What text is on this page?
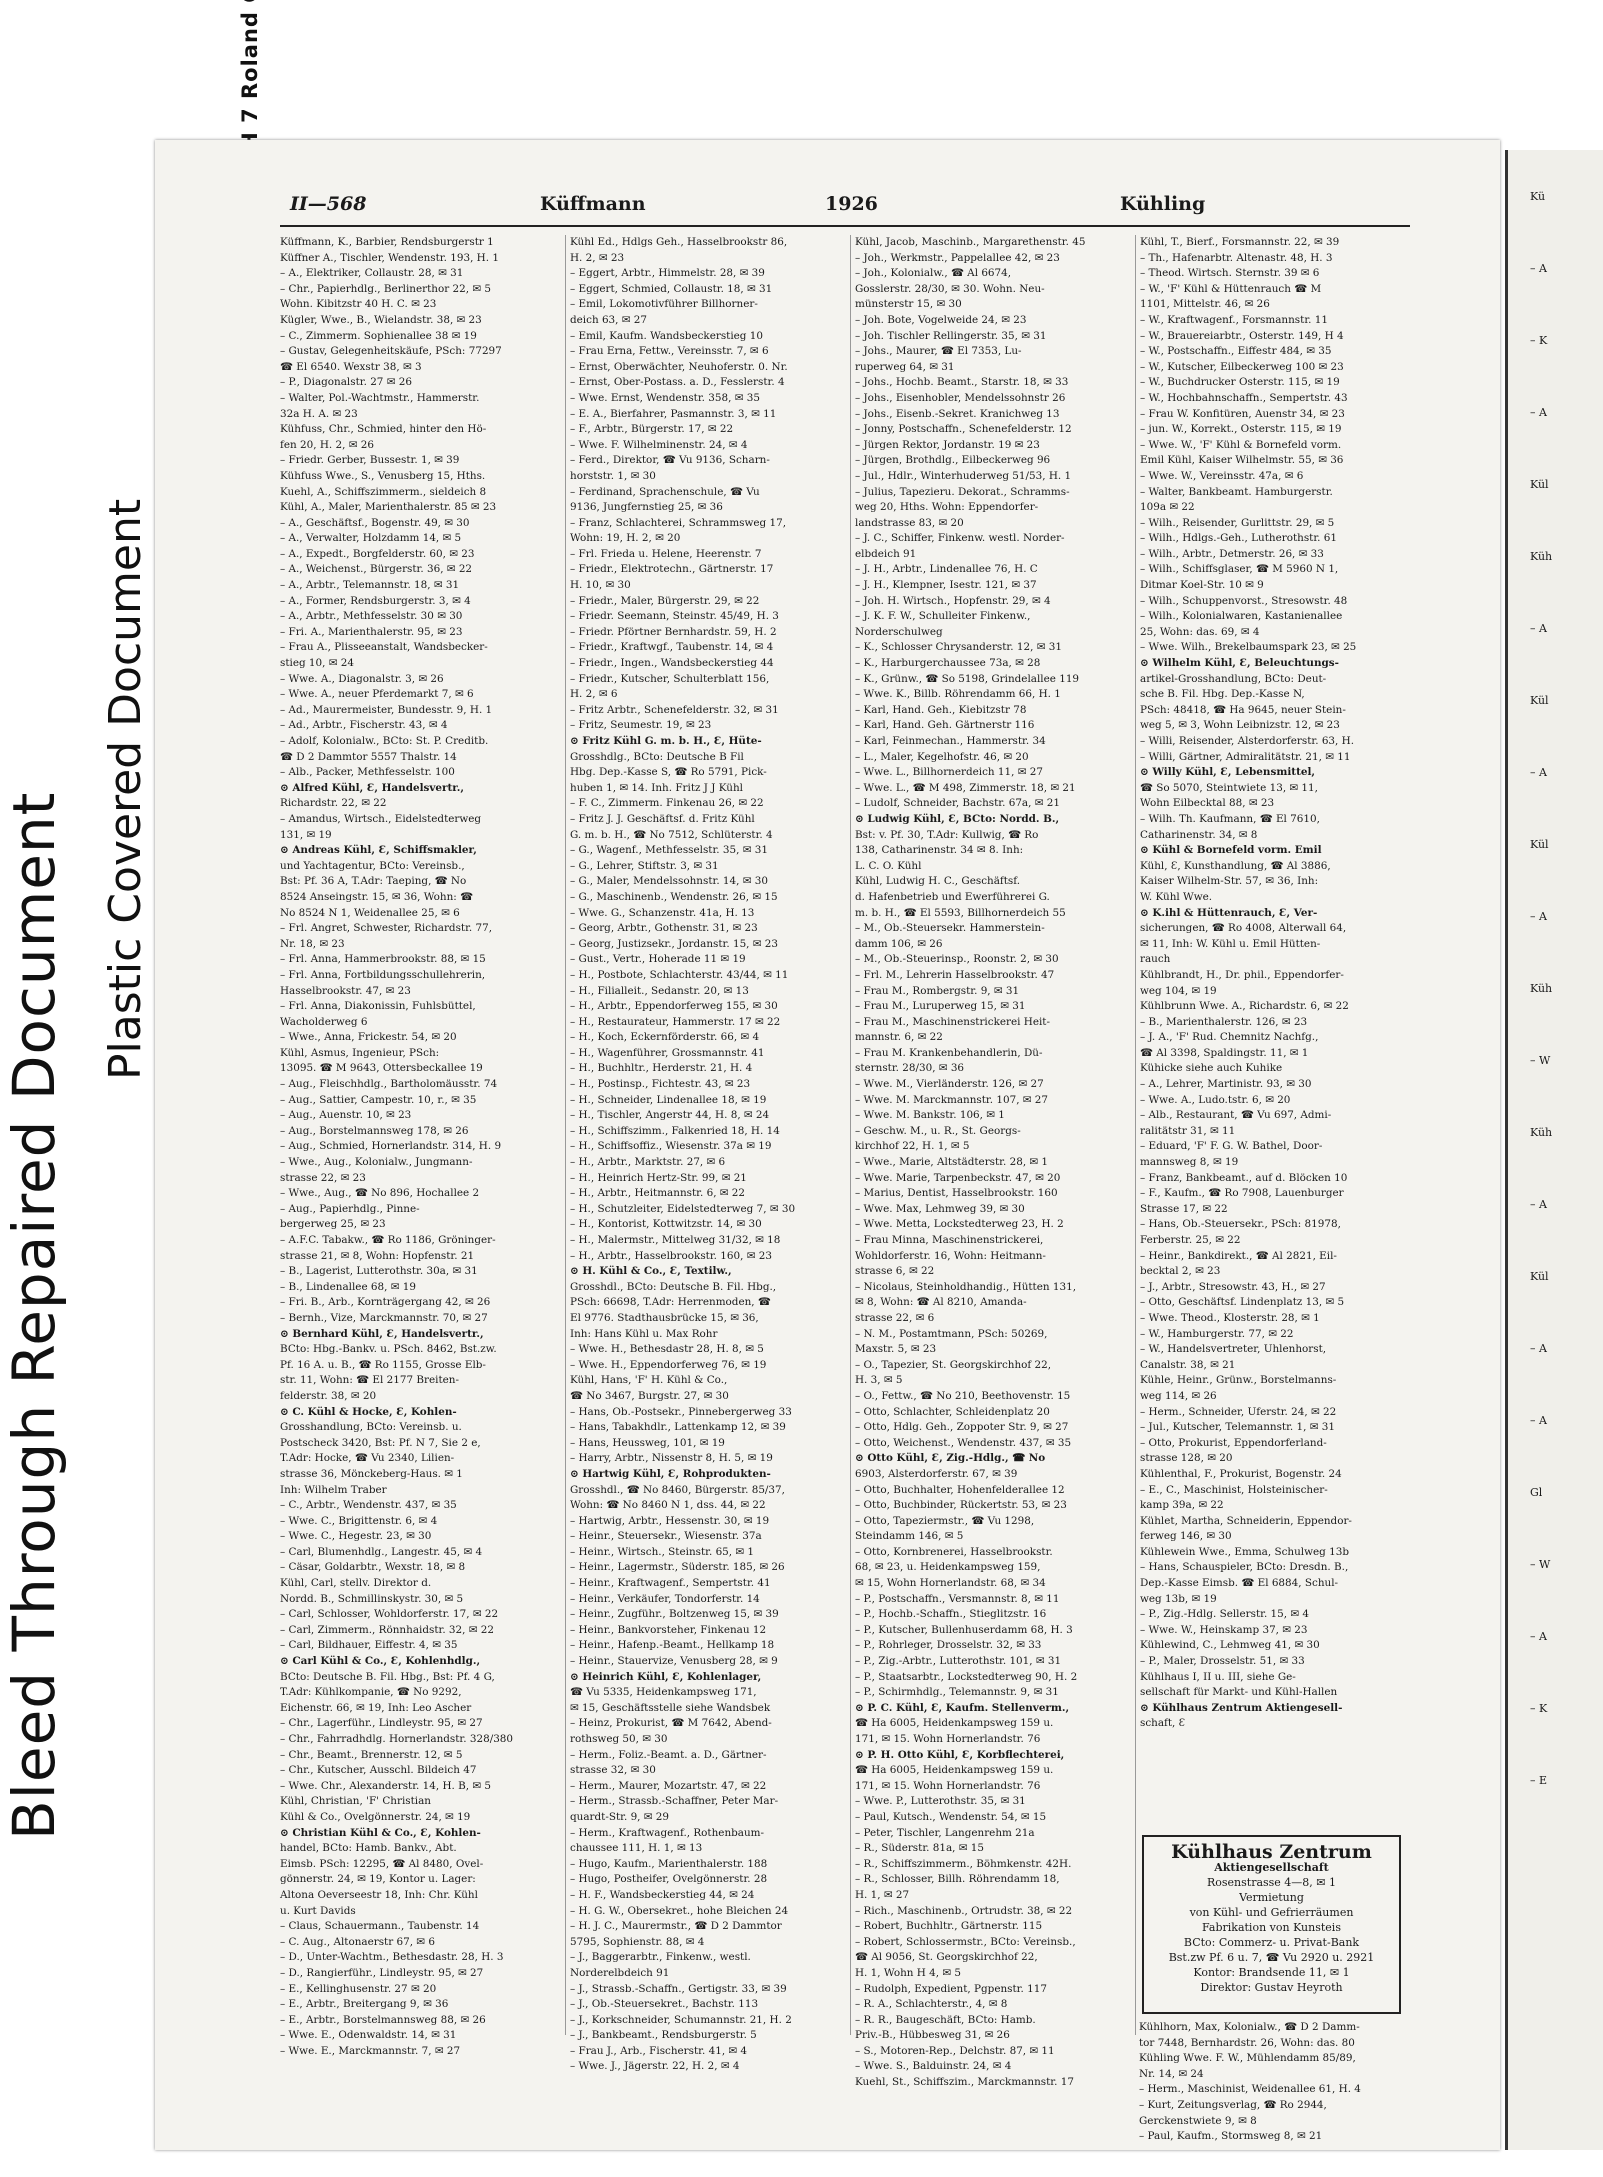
Bleed Through Repaired Document
Plastic Covered Document
II—568	Küffmann	1926	Kühling
Küffmann, K., Barbier, Rendsburgerstr 1
Küffner A., Tischler, Wendenstr. 193, H. 1
– A., Elektriker, Collaustr. 28, ✉ 31
– Chr., Papierhdlg., Berlinerthor 22, ✉ 5
Wohn. Kibitzstr 40 H. C. ✉ 23
Kügler, Wwe., B., Wielandstr. 38, ✉ 23
– C., Zimmerm. Sophienallee 38 ✉ 19
– Gustav, Gelegenheitskäufe, PSch: 77297
☎ El 6540. Wexstr 38, ✉ 3
– P., Diagonalstr. 27 ✉ 26
– Walter, Pol.-Wachtmstr., Hammerstr.
32a H. A. ✉ 23
Kühfuss, Chr., Schmied, hinter den Hö-
fen 20, H. 2, ✉ 26
– Friedr. Gerber, Bussestr. 1, ✉ 39
Kühfuss Wwe., S., Venusberg 15, Hths.
Kuehl, A., Schiffszimmerm., sieldeich 8
Kühl, A., Maler, Marienthalerstr. 85 ✉ 23
– A., Geschäftsf., Bogenstr. 49, ✉ 30
– A., Verwalter, Holzdamm 14, ✉ 5
– A., Expedt., Borgfelderstr. 60, ✉ 23
– A., Weichenst., Bürgerstr. 36, ✉ 22
– A., Arbtr., Telemannstr. 18, ✉ 31
– A., Former, Rendsburgerstr. 3, ✉ 4
– A., Arbtr., Methfesselstr. 30 ✉ 30
– Fri. A., Marienthalerstr. 95, ✉ 23
– Frau A., Plisseeanstalt, Wandsbecker-
stieg 10, ✉ 24
– Wwe. A., Diagonalstr. 3, ✉ 26
– Wwe. A., neuer Pferdemarkt 7, ✉ 6
– Ad., Maurermeister, Bundesstr. 9, H. 1
– Ad., Arbtr., Fischerstr. 43, ✉ 4
– Adolf, Kolonialw., BCto: St. P. Creditb.
☎ D 2 Dammtor 5557 Thalstr. 14
– Alb., Packer, Methfesselstr. 100
⊙ Alfred Kühl, Ɛ, Handelsvertr.,
Richardstr. 22, ✉ 22
– Amandus, Wirtsch., Eidelstedterweg
131, ✉ 19
⊙ Andreas Kühl, Ɛ, Schiffsmakler,
und Yachtagentur, BCto: Vereinsb.,
Bst: Pf. 36 A, T.Adr: Taeping, ☎ No
8524 Anseingstr. 15, ✉ 36, Wohn: ☎
No 8524 N 1, Weidenallee 25, ✉ 6
– Frl. Angret, Schwester, Richardstr. 77,
Nr. 18, ✉ 23
– Frl. Anna, Hammerbrookstr. 88, ✉ 15
– Frl. Anna, Fortbildungsschullehrerin,
Hasselbrookstr. 47, ✉ 23
– Frl. Anna, Diakonissin, Fuhlsbüttel,
Wacholderweg 6
– Wwe., Anna, Frickestr. 54, ✉ 20
Kühl, Asmus, Ingenieur, PSch:
13095. ☎ M 9643, Ottersbeckallee 19
– Aug., Fleischhdlg., Bartholomäusstr. 74
– Aug., Sattier, Campestr. 10, r., ✉ 35
– Aug., Auenstr. 10, ✉ 23
– Aug., Borstelmannsweg 178, ✉ 26
– Aug., Schmied, Hornerlandstr. 314, H. 9
– Wwe., Aug., Kolonialw., Jungmann-
strasse 22, ✉ 23
– Wwe., Aug., ☎ No 896, Hochallee 2
– Aug., Papierhdlg., Pinne-
bergerweg 25, ✉ 23
– A.F.C. Tabakw., ☎ Ro 1186, Gröninger-
strasse 21, ✉ 8, Wohn: Hopfenstr. 21
– B., Lagerist, Lutterothstr. 30a, ✉ 31
– B., Lindenallee 68, ✉ 19
– Fri. B., Arb., Kornträgergang 42, ✉ 26
– Bernh., Vize, Marckmannstr. 70, ✉ 27
⊙ Bernhard Kühl, Ɛ, Handelsvertr.,
BCto: Hbg.-Bankv. u. PSch. 8462, Bst.zw.
Pf. 16 A. u. B., ☎ Ro 1155, Grosse Elb-
str. 11, Wohn: ☎ El 2177 Breiten-
felderstr. 38, ✉ 20
⊙ C. Kühl & Hocke, Ɛ, Kohlen-
Grosshandlung, BCto: Vereinsb. u.
Postscheck 3420, Bst: Pf. N 7, Sie 2 e,
T.Adr: Hocke, ☎ Vu 2340, Lilien-
strasse 36, Mönckeberg-Haus. ✉ 1
Inh: Wilhelm Traber
– C., Arbtr., Wendenstr. 437, ✉ 35
– Wwe. C., Brigittenstr. 6, ✉ 4
– Wwe. C., Hegestr. 23, ✉ 30
– Carl, Blumenhdlg., Langestr. 45, ✉ 4
– Cäsar, Goldarbtr., Wexstr. 18, ✉ 8
Kühl, Carl, stellv. Direktor d.
Nordd. B., Schmillinskystr. 30, ✉ 5
– Carl, Schlosser, Wohldorferstr. 17, ✉ 22
– Carl, Zimmerm., Rönnhaidstr. 32, ✉ 22
– Carl, Bildhauer, Eiffestr. 4, ✉ 35
⊙ Carl Kühl & Co., Ɛ, Kohlenhdlg.,
BCto: Deutsche B. Fil. Hbg., Bst: Pf. 4 G,
T.Adr: Kühlkompanie, ☎ No 9292,
Eichenstr. 66, ✉ 19, Inh: Leo Ascher
– Chr., Lagerführ., Lindleystr. 95, ✉ 27
– Chr., Fahrradhdlg. Hornerlandstr. 328/380
– Chr., Beamt., Brennerstr. 12, ✉ 5
– Chr., Kutscher, Ausschl. Bildeich 47
– Wwe. Chr., Alexanderstr. 14, H. B, ✉ 5
Kühl, Christian, 'F' Christian
Kühl & Co., Ovelgönnerstr. 24, ✉ 19
⊙ Christian Kühl & Co., Ɛ, Kohlen-
handel, BCto: Hamb. Bankv., Abt.
Eimsb. PSch: 12295, ☎ Al 8480, Ovel-
gönnerstr. 24, ✉ 19, Kontor u. Lager:
Altona Oeverseestr 18, Inh: Chr. Kühl
u. Kurt Davids
– Claus, Schauermann., Taubenstr. 14
– C. Aug., Altonaerstr 67, ✉ 6
– D., Unter-Wachtm., Bethesdastr. 28, H. 3
– D., Rangierführ., Lindleystr. 95, ✉ 27
– E., Kellinghusenstr. 27 ✉ 20
– E., Arbtr., Breitergang 9, ✉ 36
– E., Arbtr., Borstelmannsweg 88, ✉ 26
– Wwe. E., Odenwaldstr. 14, ✉ 31
– Wwe. E., Marckmannstr. 7, ✉ 27
Kühl Ed., Hdlgs Geh., Hasselbrookstr 86,
H. 2, ✉ 23
– Eggert, Arbtr., Himmelstr. 28, ✉ 39
– Eggert, Schmied, Collaustr. 18, ✉ 31
– Emil, Lokomotivführer Billhorner-
deich 63, ✉ 27
– Emil, Kaufm. Wandsbeckerstieg 10
– Frau Erna, Fettw., Vereinsstr. 7, ✉ 6
– Ernst, Oberwächter, Neuhoferstr. 0. Nr.
– Ernst, Ober-Postass. a. D., Fesslerstr. 4
– Wwe. Ernst, Wendenstr. 358, ✉ 35
– E. A., Bierfahrer, Pasmannstr. 3, ✉ 11
– F., Arbtr., Bürgerstr. 17, ✉ 22
– Wwe. F. Wilhelminenstr. 24, ✉ 4
– Ferd., Direktor, ☎ Vu 9136, Scharn-
horststr. 1, ✉ 30
– Ferdinand, Sprachenschule, ☎ Vu
9136, Jungfernstieg 25, ✉ 36
– Franz, Schlachterei, Schrammsweg 17,
Wohn: 19, H. 2, ✉ 20
– Frl. Frieda u. Helene, Heerenstr. 7
– Friedr., Elektrotechn., Gärtnerstr. 17
H. 10, ✉ 30
– Friedr., Maler, Bürgerstr. 29, ✉ 22
– Friedr. Seemann, Steinstr. 45/49, H. 3
– Friedr. Pförtner Bernhardstr. 59, H. 2
– Friedr., Kraftwgf., Taubenstr. 14, ✉ 4
– Friedr., Ingen., Wandsbeckerstieg 44
– Friedr., Kutscher, Schulterblatt 156,
H. 2, ✉ 6
– Fritz Arbtr., Schenefelderstr. 32, ✉ 31
– Fritz, Seumestr. 19, ✉ 23
⊙ Fritz Kühl G. m. b. H., Ɛ, Hüte-
Grosshdlg., BCto: Deutsche B Fil
Hbg. Dep.-Kasse S, ☎ Ro 5791, Pick-
huben 1, ✉ 14. Inh. Fritz J J Kühl
– F. C., Zimmerm. Finkenau 26, ✉ 22
– Fritz J. J. Geschäftsf. d. Fritz Kühl
G. m. b. H., ☎ No 7512, Schlüterstr. 4
– G., Wagenf., Methfesselstr. 35, ✉ 31
– G., Lehrer, Stiftstr. 3, ✉ 31
– G., Maler, Mendelssohnstr. 14, ✉ 30
– G., Maschinenb., Wendenstr. 26, ✉ 15
– Wwe. G., Schanzenstr. 41a, H. 13
– Georg, Arbtr., Gothenstr. 31, ✉ 23
– Georg, Justizsekr., Jordanstr. 15, ✉ 23
– Gust., Vertr., Hoherade 11 ✉ 19
– H., Postbote, Schlachterstr. 43/44, ✉ 11
– H., Filialleit., Sedanstr. 20, ✉ 13
– H., Arbtr., Eppendorferweg 155, ✉ 30
– H., Restaurateur, Hammerstr. 17 ✉ 22
– H., Koch, Eckernförderstr. 66, ✉ 4
– H., Wagenführer, Grossmannstr. 41
– H., Buchhltr., Herderstr. 21, H. 4
– H., Postinsp., Fichtestr. 43, ✉ 23
– H., Schneider, Lindenallee 18, ✉ 19
– H., Tischler, Angerstr 44, H. 8, ✉ 24
– H., Schiffszimm., Falkenried 18, H. 14
– H., Schiffsoffiz., Wiesenstr. 37a ✉ 19
– H., Arbtr., Marktstr. 27, ✉ 6
– H., Heinrich Hertz-Str. 99, ✉ 21
– H., Arbtr., Heitmannstr. 6, ✉ 22
– H., Schutzleiter, Eidelstedterweg 7, ✉ 30
– H., Kontorist, Kottwitzstr. 14, ✉ 30
– H., Malermstr., Mittelweg 31/32, ✉ 18
– H., Arbtr., Hasselbrookstr. 160, ✉ 23
⊙ H. Kühl & Co., Ɛ, Textilw.,
Grosshdl., BCto: Deutsche B. Fil. Hbg.,
PSch: 66698, T.Adr: Herrenmoden, ☎
El 9776. Stadthausbrücke 15, ✉ 36,
Inh: Hans Kühl u. Max Rohr
– Wwe. H., Bethesdastr 28, H. 8, ✉ 5
– Wwe. H., Eppendorferweg 76, ✉ 19
Kühl, Hans, 'F' H. Kühl & Co.,
☎ No 3467, Burgstr. 27, ✉ 30
– Hans, Ob.-Postsekr., Pinnebergerweg 33
– Hans, Tabakhdlr., Lattenkamp 12, ✉ 39
– Hans, Heussweg, 101, ✉ 19
– Harry, Arbtr., Nissenstr 8, H. 5, ✉ 19
⊙ Hartwig Kühl, Ɛ, Rohprodukten-
Grosshdl., ☎ No 8460, Bürgerstr. 85/37,
Wohn: ☎ No 8460 N 1, dss. 44, ✉ 22
– Hartwig, Arbtr., Hessenstr. 30, ✉ 19
– Heinr., Steuersekr., Wiesenstr. 37a
– Heinr., Wirtsch., Steinstr. 65, ✉ 1
– Heinr., Lagermstr., Süderstr. 185, ✉ 26
– Heinr., Kraftwagenf., Sempertstr. 41
– Heinr., Verkäufer, Tondorferstr. 14
– Heinr., Zugführ., Boltzenweg 15, ✉ 39
– Heinr., Bankvorsteher, Finkenau 12
– Heinr., Hafenp.-Beamt., Hellkamp 18
– Heinr., Stauervize, Venusberg 28, ✉ 9
⊙ Heinrich Kühl, Ɛ, Kohlenlager,
☎ Vu 5335, Heidenkampsweg 171,
✉ 15, Geschäftsstelle siehe Wandsbek
– Heinz, Prokurist, ☎ M 7642, Abend-
rothsweg 50, ✉ 30
– Herm., Foliz.-Beamt. a. D., Gärtner-
strasse 32, ✉ 30
– Herm., Maurer, Mozartstr. 47, ✉ 22
– Herm., Strassb.-Schaffner, Peter Mar-
quardt-Str. 9, ✉ 29
– Herm., Kraftwagenf., Rothenbaum-
chaussee 111, H. 1, ✉ 13
– Hugo, Kaufm., Marienthalerstr. 188
– Hugo, Postheifer, Ovelgönnerstr. 28
– H. F., Wandsbeckerstieg 44, ✉ 24
– H. G. W., Obersekret., hohe Bleichen 24
– H. J. C., Maurermstr., ☎ D 2 Dammtor
5795, Sophienstr. 88, ✉ 4
– J., Baggerarbtr., Finkenw., westl.
Norderelbdeich 91
– J., Strassb.-Schaffn., Gertigstr. 33, ✉ 39
– J., Ob.-Steuersekret., Bachstr. 113
– J., Korkschneider, Schumannstr. 21, H. 2
– J., Bankbeamt., Rendsburgerstr. 5
– Frau J., Arb., Fischerstr. 41, ✉ 4
– Wwe. J., Jägerstr. 22, H. 2, ✉ 4
Kühl, Jacob, Maschinb., Margarethenstr. 45
– Joh., Werkmstr., Pappelallee 42, ✉ 23
– Joh., Kolonialw., ☎ Al 6674,
Gosslerstr. 28/30, ✉ 30. Wohn. Neu-
münsterstr 15, ✉ 30
– Joh. Bote, Vogelweide 24, ✉ 23
– Joh. Tischler Rellingerstr. 35, ✉ 31
– Johs., Maurer, ☎ El 7353, Lu-
ruperweg 64, ✉ 31
– Johs., Hochb. Beamt., Starstr. 18, ✉ 33
– Johs., Eisenhobler, Mendelssohnstr 26
– Johs., Eisenb.-Sekret. Kranichweg 13
– Jonny, Postschaffn., Schenefelderstr. 12
– Jürgen Rektor, Jordanstr. 19 ✉ 23
– Jürgen, Brothdlg., Eilbeckerweg 96
– Jul., Hdlr., Winterhuderweg 51/53, H. 1
– Julius, Tapezieru. Dekorat., Schramms-
weg 20, Hths. Wohn: Eppendorfer-
landstrasse 83, ✉ 20
– J. C., Schiffer, Finkenw. westl. Norder-
elbdeich 91
– J. H., Arbtr., Lindenallee 76, H. C
– J. H., Klempner, Isestr. 121, ✉ 37
– Joh. H. Wirtsch., Hopfenstr. 29, ✉ 4
– J. K. F. W., Schulleiter Finkenw.,
Norderschulweg
– K., Schlosser Chrysanderstr. 12, ✉ 31
– K., Harburgerchaussee 73a, ✉ 28
– K., Grünw., ☎ So 5198, Grindelallee 119
– Wwe. K., Billb. Röhrendamm 66, H. 1
– Karl, Hand. Geh., Kiebitzstr 78
– Karl, Hand. Geh. Gärtnerstr 116
– Karl, Feinmechan., Hammerstr. 34
– L., Maler, Kegelhofstr. 46, ✉ 20
– Wwe. L., Billhornerdeich 11, ✉ 27
– Wwe. L., ☎ M 498, Zimmerstr. 18, ✉ 21
– Ludolf, Schneider, Bachstr. 67a, ✉ 21
⊙ Ludwig Kühl, Ɛ, BCto: Nordd. B.,
Bst: v. Pf. 30, T.Adr: Kullwig, ☎ Ro
138, Catharinenstr. 34 ✉ 8. Inh:
L. C. O. Kühl
Kühl, Ludwig H. C., Geschäftsf.
d. Hafenbetrieb und Ewerführerei G.
m. b. H., ☎ El 5593, Billhornerdeich 55
– M., Ob.-Steuersekr. Hammerstein-
damm 106, ✉ 26
– M., Ob.-Steuerinsp., Roonstr. 2, ✉ 30
– Frl. M., Lehrerin Hasselbrookstr. 47
– Frau M., Rombergstr. 9, ✉ 31
– Frau M., Luruperweg 15, ✉ 31
– Frau M., Maschinenstrickerei Heit-
mannstr. 6, ✉ 22
– Frau M. Krankenbehandlerin, Dü-
sternstr. 28/30, ✉ 36
– Wwe. M., Vierländerstr. 126, ✉ 27
– Wwe. M. Marckmannstr. 107, ✉ 27
– Wwe. M. Bankstr. 106, ✉ 1
– Geschw. M., u. R., St. Georgs-
kirchhof 22, H. 1, ✉ 5
– Wwe., Marie, Altstädterstr. 28, ✉ 1
– Wwe. Marie, Tarpenbeckstr. 47, ✉ 20
– Marius, Dentist, Hasselbrookstr. 160
– Wwe. Max, Lehmweg 39, ✉ 30
– Wwe. Metta, Lockstedterweg 23, H. 2
– Frau Minna, Maschinenstrickerei,
Wohldorferstr. 16, Wohn: Heitmann-
strasse 6, ✉ 22
– Nicolaus, Steinholdhandig., Hütten 131,
✉ 8, Wohn: ☎ Al 8210, Amanda-
strasse 22, ✉ 6
– N. M., Postamtmann, PSch: 50269,
Maxstr. 5, ✉ 23
– O., Tapezier, St. Georgskirchhof 22,
H. 3, ✉ 5
– O., Fettw., ☎ No 210, Beethovenstr. 15
– Otto, Schlachter, Schleidenplatz 20
– Otto, Hdlg. Geh., Zoppoter Str. 9, ✉ 27
– Otto, Weichenst., Wendenstr. 437, ✉ 35
⊙ Otto Kühl, Ɛ, Zig.-Hdlg., ☎ No
6903, Alsterdorferstr. 67, ✉ 39
– Otto, Buchhalter, Hohenfelderallee 12
– Otto, Buchbinder, Rückertstr. 53, ✉ 23
– Otto, Tapeziermstr., ☎ Vu 1298,
Steindamm 146, ✉ 5
– Otto, Kornbrenerei, Hasselbrookstr.
68, ✉ 23, u. Heidenkampsweg 159,
✉ 15, Wohn Hornerlandstr. 68, ✉ 34
– P., Postschaffn., Versmannstr. 8, ✉ 11
– P., Hochb.-Schaffn., Stieglitzstr. 16
– P., Kutscher, Bullenhuserdamm 68, H. 3
– P., Rohrleger, Drosselstr. 32, ✉ 33
– P., Zig.-Arbtr., Lutterothstr. 101, ✉ 31
– P., Staatsarbtr., Lockstedterweg 90, H. 2
– P., Schirmhdlg., Telemannstr. 9, ✉ 31
⊙ P. C. Kühl, Ɛ, Kaufm. Stellenverm.,
☎ Ha 6005, Heidenkampsweg 159 u.
171, ✉ 15. Wohn Hornerlandstr. 76
⊙ P. H. Otto Kühl, Ɛ, Korbflechterei,
☎ Ha 6005, Heidenkampsweg 159 u.
171, ✉ 15. Wohn Hornerlandstr. 76
– Wwe. P., Lutterothstr. 35, ✉ 31
– Paul, Kutsch., Wendenstr. 54, ✉ 15
– Peter, Tischler, Langenrehm 21a
– R., Süderstr. 81a, ✉ 15
– R., Schiffszimmerm., Böhmkenstr. 42H.
– R., Schlosser, Billh. Röhrendamm 18,
H. 1, ✉ 27
– Rich., Maschinenb., Ortrudstr. 38, ✉ 22
– Robert, Buchhltr., Gärtnerstr. 115
– Robert, Schlossermstr., BCto: Vereinsb.,
☎ Al 9056, St. Georgskirchhof 22,
H. 1, Wohn H 4, ✉ 5
– Rudolph, Expedient, Pgpenstr. 117
– R. A., Schlachterstr., 4, ✉ 8
– R. R., Baugeschäft, BCto: Hamb.
Priv.-B., Hübbesweg 31, ✉ 26
– S., Motoren-Rep., Delchstr. 87, ✉ 11
– Wwe. S., Balduinstr. 24, ✉ 4
Kuehl, St., Schiffszim., Marckmannstr. 17
Kühl, T., Bierf., Forsmannstr. 22, ✉ 39
– Th., Hafenarbtr. Altenastr. 48, H. 3
– Theod. Wirtsch. Sternstr. 39 ✉ 6
– W., 'F' Kühl & Hüttenrauch ☎ M
1101, Mittelstr. 46, ✉ 26
– W., Kraftwagenf., Forsmannstr. 11
– W., Brauereiarbtr., Osterstr. 149, H 4
– W., Postschaffn., Eiffestr 484, ✉ 35
– W., Kutscher, Eilbeckerweg 100 ✉ 23
– W., Buchdrucker Osterstr. 115, ✉ 19
– W., Hochbahnschaffn., Sempertstr. 43
– Frau W. Konfitüren, Auenstr 34, ✉ 23
– jun. W., Korrekt., Osterstr. 115, ✉ 19
– Wwe. W., 'F' Kühl & Bornefeld vorm.
Emil Kühl, Kaiser Wilhelmstr. 55, ✉ 36
– Wwe. W., Vereinsstr. 47a, ✉ 6
– Walter, Bankbeamt. Hamburgerstr.
109a ✉ 22
– Wilh., Reisender, Gurlittstr. 29, ✉ 5
– Wilh., Hdlgs.-Geh., Lutherothstr. 61
– Wilh., Arbtr., Detmerstr. 26, ✉ 33
– Wilh., Schiffsglaser, ☎ M 5960 N 1,
Ditmar Koel-Str. 10 ✉ 9
– Wilh., Schuppenvorst., Stresowstr. 48
– Wilh., Kolonialwaren, Kastanienallee
25, Wohn: das. 69, ✉ 4
– Wwe. Wilh., Brekelbaumspark 23, ✉ 25
⊙ Wilhelm Kühl, Ɛ, Beleuchtungs-
artikel-Grosshandlung, BCto: Deut-
sche B. Fil. Hbg. Dep.-Kasse N,
PSch: 48418, ☎ Ha 9645, neuer Stein-
weg 5, ✉ 3, Wohn Leibnizstr. 12, ✉ 23
– Willi, Reisender, Alsterdorferstr. 63, H.
– Willi, Gärtner, Admiralitätstr. 21, ✉ 11
⊙ Willy Kühl, Ɛ, Lebensmittel,
☎ So 5070, Steintwiete 13, ✉ 11,
Wohn Eilbecktal 88, ✉ 23
– Wilh. Th. Kaufmann, ☎ El 7610,
Catharinenstr. 34, ✉ 8
⊙ Kühl & Bornefeld vorm. Emil
Kühl, Ɛ, Kunsthandlung, ☎ Al 3886,
Kaiser Wilhelm-Str. 57, ✉ 36, Inh:
W. Kühl Wwe.
⊙ K.ihl & Hüttenrauch, Ɛ, Ver-
sicherungen, ☎ Ro 4008, Alterwall 64,
✉ 11, Inh: W. Kühl u. Emil Hütten-
rauch
Kühlbrandt, H., Dr. phil., Eppendorfer-
weg 104, ✉ 19
Kühlbrunn Wwe. A., Richardstr. 6, ✉ 22
– B., Marienthalerstr. 126, ✉ 23
– J. A., 'F' Rud. Chemnitz Nachfg.,
☎ Al 3398, Spaldingstr. 11, ✉ 1
Kühicke siehe auch Kuhike
– A., Lehrer, Martinistr. 93, ✉ 30
– Wwe. A., Ludo.tstr. 6, ✉ 20
– Alb., Restaurant, ☎ Vu 697, Admi-
ralitätstr 31, ✉ 11
– Eduard, 'F' F. G. W. Bathel, Door-
mannsweg 8, ✉ 19
– Franz, Bankbeamt., auf d. Blöcken 10
– F., Kaufm., ☎ Ro 7908, Lauenburger
Strasse 17, ✉ 22
– Hans, Ob.-Steuersekr., PSch: 81978,
Ferberstr. 25, ✉ 22
– Heinr., Bankdirekt., ☎ Al 2821, Eil-
becktal 2, ✉ 23
– J., Arbtr., Stresowstr. 43, H., ✉ 27
– Otto, Geschäftsf. Lindenplatz 13, ✉ 5
– Wwe. Theod., Klosterstr. 28, ✉ 1
– W., Hamburgerstr. 77, ✉ 22
– W., Handelsvertreter, Uhlenhorst,
Canalstr. 38, ✉ 21
Kühle, Heinr., Grünw., Borstelmanns-
weg 114, ✉ 26
– Herm., Schneider, Uferstr. 24, ✉ 22
– Jul., Kutscher, Telemannstr. 1, ✉ 31
– Otto, Prokurist, Eppendorferland-
strasse 128, ✉ 20
Kühlenthal, F., Prokurist, Bogenstr. 24
– E., C., Maschinist, Holsteinischer-
kamp 39a, ✉ 22
Kühlet, Martha, Schneiderin, Eppendor-
ferweg 146, ✉ 30
Kühlewein Wwe., Emma, Schulweg 13b
– Hans, Schauspieler, BCto: Dresdn. B.,
Dep.-Kasse Eimsb. ☎ El 6884, Schul-
weg 13b, ✉ 19
– P., Zig.-Hdlg. Sellerstr. 15, ✉ 4
– Wwe. W., Heinskamp 37, ✉ 23
Kühlewind, C., Lehmweg 41, ✉ 30
– P., Maler, Drosselstr. 51, ✉ 33
Kühlhaus I, II u. III, siehe Ge-
sellschaft für Markt- und Kühl-Hallen
⊙ Kühlhaus Zentrum Aktiengesell-
schaft, Ɛ
Kühlhaus Zentrum
Aktiengesellschaft
Rosenstrasse 4—8, ✉ 1
Vermietung
von Kühl- und Gefrierräumen
Fabrikation von Kunsteis
BCto: Commerz- u. Privat-Bank
Bst.zw Pf. 6 u. 7, ☎ Vu 2920 u. 2921
Kontor: Brandsende 11, ✉ 1
Direktor: Gustav Heyroth
Kühlhorn, Max, Kolonialw., ☎ D 2 Damm-
tor 7448, Bernhardstr. 26, Wohn: das. 80
Kühling Wwe. F. W., Mühlendamm 85/89,
Nr. 14, ✉ 24
– Herm., Maschinist, Weidenallee 61, H. 4
– Kurt, Zeitungsverlag, ☎ Ro 2944,
Gerckenstwiete 9, ✉ 8
– Paul, Kaufm., Stormsweg 8, ✉ 21
Kü
– A
– K
– A
Kül
Küh
– A
Kül
– A
Kül
– A
Küh
– W
Küh
– A
Kül
– A
– A
Gl
– W
– A
– K
– E
